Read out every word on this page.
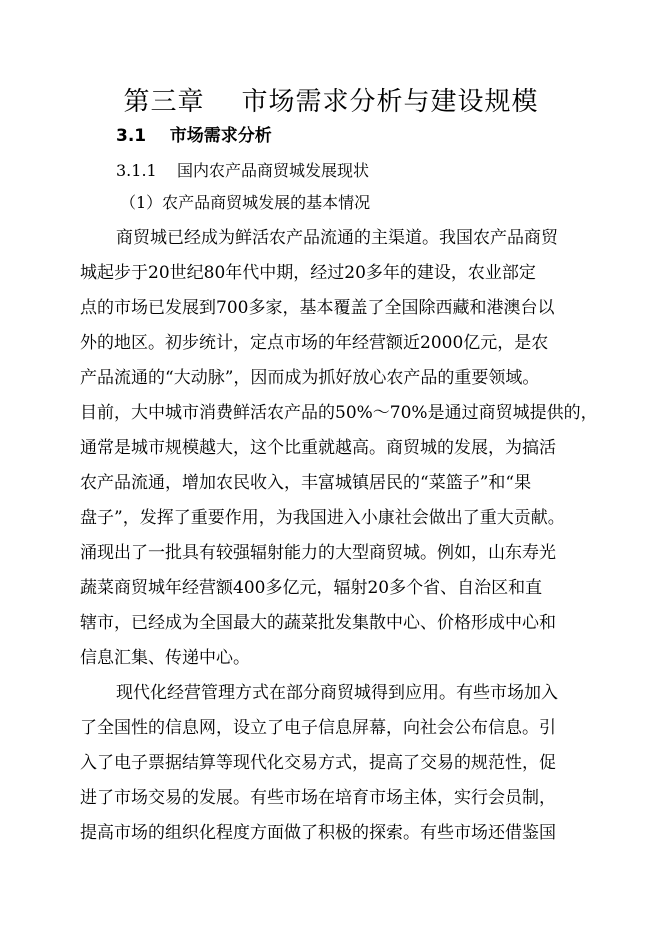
第三章    市场需求分析与建设规模
3.1    市场需求分析
3.1.1    国内农产品商贸城发展现状
（1）农产品商贸城发展的基本情况
商贸城已经成为鲜活农产品流通的主渠道。我国农产品商贸
城起步于20世纪80年代中期，经过20多年的建设，农业部定
点的市场已发展到700多家，基本覆盖了全国除西藏和港澳台以
外的地区。初步统计，定点市场的年经营额近2000亿元，是农
产品流通的“大动脉”，因而成为抓好放心农产品的重要领域。
目前，大中城市消费鲜活农产品的50%～70%是通过商贸城提供的，
通常是城市规模越大，这个比重就越高。商贸城的发展，为搞活
农产品流通，增加农民收入，丰富城镇居民的“菜篮子”和“果
盘子”，发挥了重要作用，为我国进入小康社会做出了重大贡献。
涌现出了一批具有较强辐射能力的大型商贸城。例如，山东寿光
蔬菜商贸城年经营额400多亿元，辐射20多个省、自治区和直
辖市，已经成为全国最大的蔬菜批发集散中心、价格形成中心和
信息汇集、传递中心。
现代化经营管理方式在部分商贸城得到应用。有些市场加入
了全国性的信息网，设立了电子信息屏幕，向社会公布信息。引
入了电子票据结算等现代化交易方式，提高了交易的规范性，促
进了市场交易的发展。有些市场在培育市场主体，实行会员制，
提高市场的组织化程度方面做了积极的探索。有些市场还借鉴国
